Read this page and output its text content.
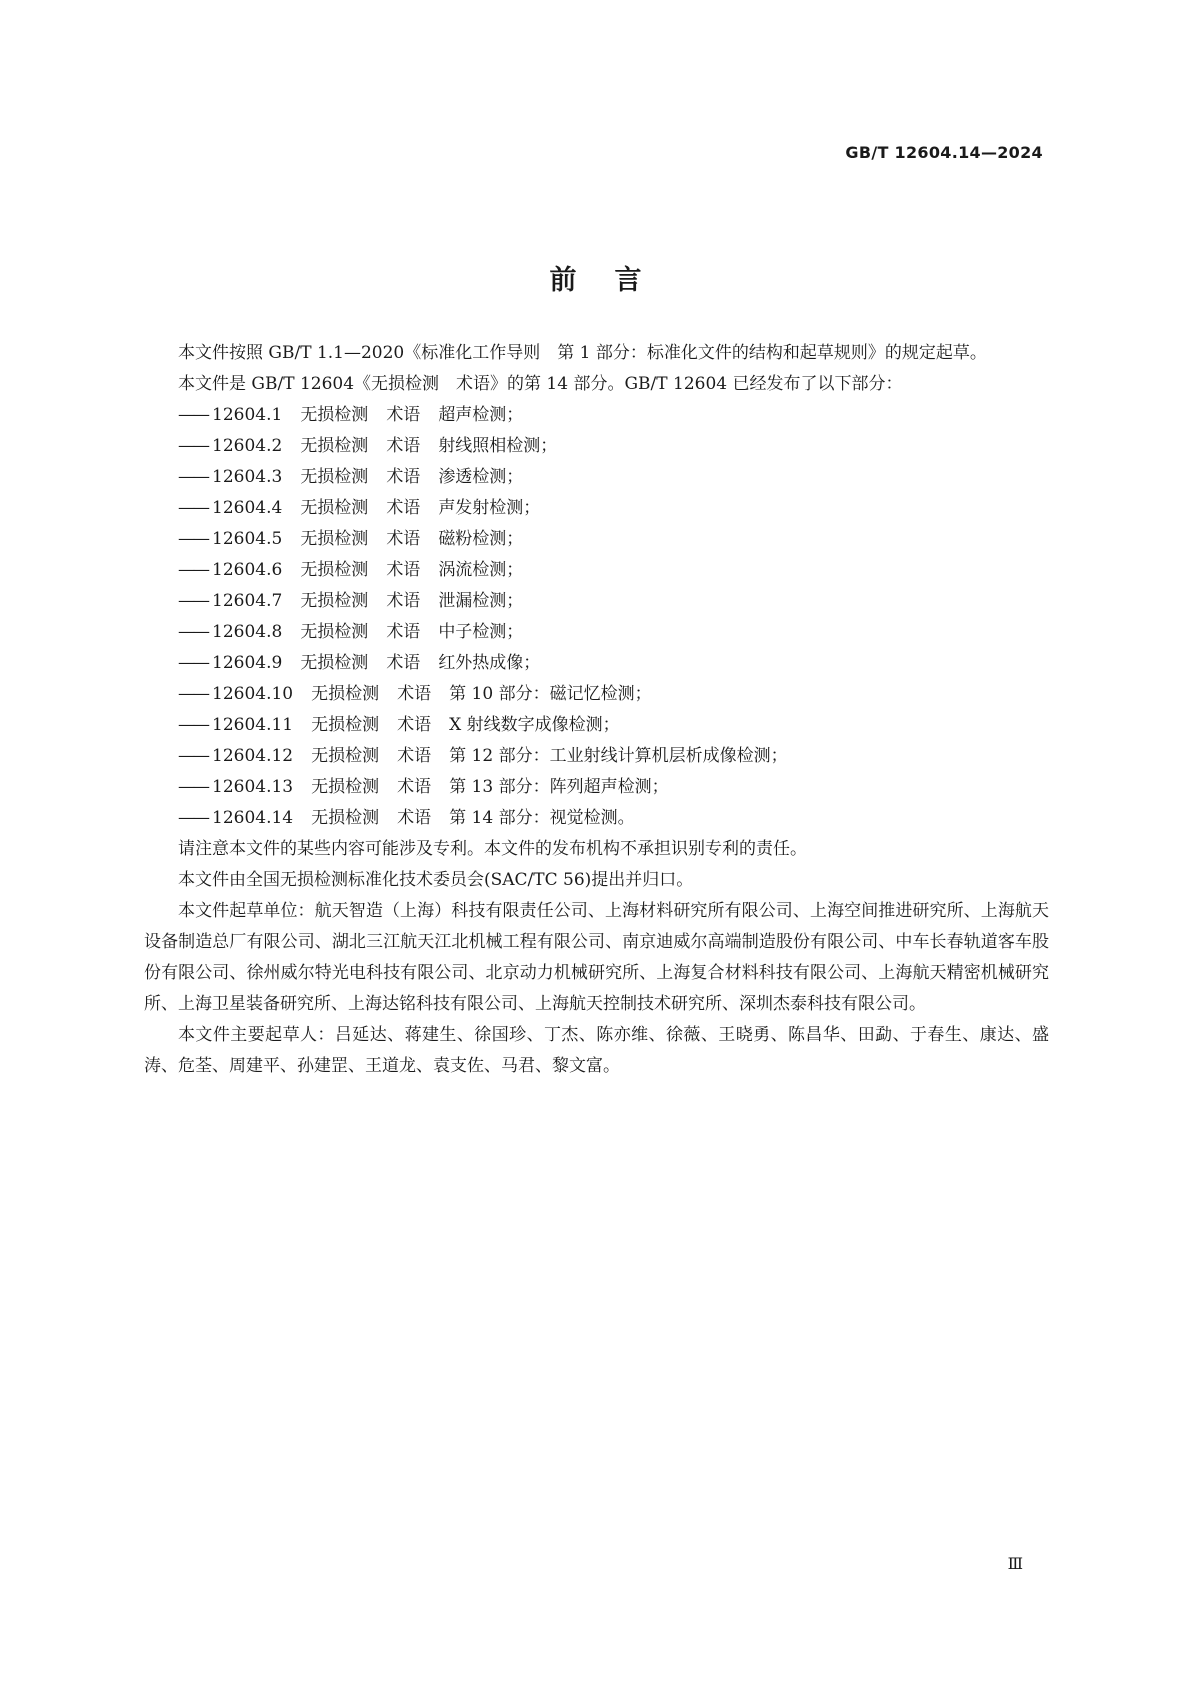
GB/T 12604.14—2024
前言

本文件按照 GB/T 1.1—2020《标准化工作导则　第 1 部分：标准化文件的结构和起草规则》的规定起草。

本文件是 GB/T 12604《无损检测　术语》的第 14 部分。GB/T 12604 已经发布了以下部分：

—— 12604.1 无损检测 术语 超声检测；
—— 12604.2 无损检测 术语 射线照相检测；
—— 12604.3 无损检测 术语 渗透检测；
—— 12604.4 无损检测 术语 声发射检测；
—— 12604.5 无损检测 术语 磁粉检测；
—— 12604.6 无损检测 术语 涡流检测；
—— 12604.7 无损检测 术语 泄漏检测；
—— 12604.8 无损检测 术语 中子检测；
—— 12604.9 无损检测 术语 红外热成像；
—— 12604.10 无损检测 术语 第 10 部分：磁记忆检测；
—— 12604.11 无损检测 术语 X 射线数字成像检测；
—— 12604.12 无损检测 术语 第 12 部分：工业射线计算机层析成像检测；
—— 12604.13 无损检测 术语 第 13 部分：阵列超声检测；
—— 12604.14 无损检测 术语 第 14 部分：视觉检测。

请注意本文件的某些内容可能涉及专利。本文件的发布机构不承担识别专利的责任。

本文件由全国无损检测标准化技术委员会(SAC/TC 56)提出并归口。

本文件起草单位：航天智造（上海）科技有限责任公司、上海材料研究所有限公司、上海空间推进研究所、上海航天设备制造总厂有限公司、湖北三江航天江北机械工程有限公司、南京迪威尔高端制造股份有限公司、中车长春轨道客车股份有限公司、徐州威尔特光电科技有限公司、北京动力机械研究所、上海复合材料科技有限公司、上海航天精密机械研究所、上海卫星装备研究所、上海达铭科技有限公司、上海航天控制技术研究所、深圳杰泰科技有限公司。

本文件主要起草人：吕延达、蒋建生、徐国珍、丁杰、陈亦维、徐薇、王晓勇、陈昌华、田勐、于春生、康达、盛涛、危荃、周建平、孙建罡、王道龙、袁支佐、马君、黎文富。

Ⅲ
